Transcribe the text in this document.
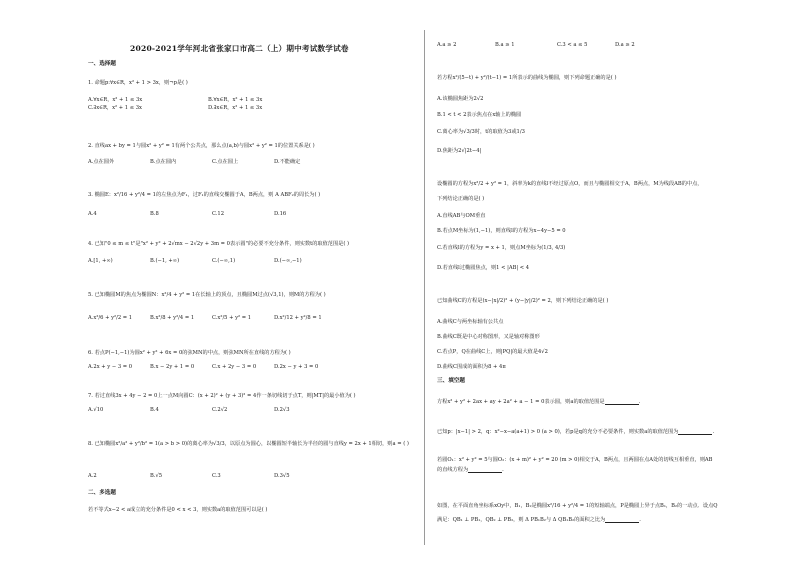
2020-2021学年河北省张家口市高二（上）期中考试数学试卷
一、选择题
1. 命题p:∀x∈R，x² + 1 > 3x，则¬p是( )
A.∀x∈R，x² + 1 ≤ 3x	B.∀x∈R，x² + 1 ≤ 3x
C.∃x∈R，x² + 1 ≤ 3x	D.∃x∈R，x² + 1 ≤ 3x
2. 直线ax + by = 1与圆x² + y² = 1有两个公共点，那么点(a,b)与圆x² + y² = 1的位置关系是( )
A.点在圆外	B.点在圆内	C.点在圆上	D.不能确定
3. 椭圆E：x²/16 + y²/4 = 1的左焦点为F₁，过F₁的直线交椭圆于A，B两点，则 A ABF₂的周长为( )
A.4	B.8	C.12	D.16
4. 已知"0 ≤ m ≤ t"是"x² + y² + 2√mx − 2√2y + 3m = 0表示圆"的必要不充分条件，则实数t的取值范围是( )
A.[1, +∞)	B.(−1, +∞)	C.(−∞,1)	D.(−∞,−1)
5. 已知椭圆M的焦点为椭圆N：x²/4 + y² = 1在长轴上的顶点，且椭圆M过点(√3,1)，则M的方程为( )
A.x²/6 + y²/2 = 1	B.x²/8 + y²/4 = 1	C.x²/5 + y² = 1	D.x²/12 + y²/8 = 1
6. 若点P(−1,−1)为圆x² + y² + 6x = 0的弦MN的中点，则弦MN所在直线的方程为( )
A.2x + y − 3 = 0	B.x − 2y + 1 = 0	C.x + 2y − 3 = 0	D.2x − y + 3 = 0
7. 若过直线3x + 4y − 2 = 0上一点M向圆C：(x + 2)² + (y + 3)² = 4作一条切线切于点T，则|MT|的最小值为( )
A.√10	B.4	C.2√2	D.2√3
8. 已知椭圆x²/a² + y²/b² = 1(a > b > 0)的离心率为√3/3，以原点为圆心，以椭圆短半轴长为半径的圆与直线y = 2x + 1相切，则a = ( )
A.2	B.√5	C.3	D.3√5
二、多选题
若不等式x−2 < a成立的充分条件是0 < x < 3，则实数a的取值范围可以是( )
A.a ≥ 2	B.a ≥ 1	C.3 < a ≤ 5	D.a ≥ 2
若方程x²/(5−t) + y²/(t−1) = 1所表示的曲线为椭圆，则下列命题正确的是( )
A.该椭圆焦距为2√2
B.1 < t < 2表示焦点在x轴上的椭圆
C.离心率为√3/3时，t的取值为3或1/3
D.焦距为2√|2t−4|
设椭圆的方程为x²/2 + y² = 1，斜率为k的直线l不经过原点O，而且与椭圆相交于A，B两点，M为线段AB的中点，
下列结论正确的是( )
A.直线AB与OM垂直
B.若点M坐标为(1,−1)，则直线l的方程为x−4y−5 = 0
C.若直线l的方程为y = x + 1，则点M坐标为(1/3, 4/3)
D.若直线l过椭圆焦点，则1 < |AB| < 4
已知曲线C的方程是(x−|x|/2)² + (y−|y|/2)² = 2，则下列结论正确的是( )
A.曲线C与两坐标轴有公共点
B.曲线C既是中心对称图形，又是轴对称图形
C.若点P，Q在曲线C上，则|PQ|的最大值是4√2
D.曲线C围成的面积为8 + 4π
三、填空题
方程x² + y² + 2ax + ay + 2a² + a − 1 = 0表示圆，则a的取值范围是	.
已知p：|x−1| > 2，q：x²−x−a(a+1) > 0 (a > 0)，若p是q的充分不必要条件，则实数a的取值范围为	.
若圆O₁：x² + y² = 5与圆O₂：(x + m)² + y² = 20 (m > 0)相交于A，B两点，且两圆在点A处的切线互相垂直，则AB
的直线方程为	.
如图，在平面直角坐标系xOy中，B₁，B₂是椭圆x²/16 + y²/4 = 1的短轴端点，P是椭圆上异于点B₁，B₂的一动点．设点Q
满足：QB₁ ⊥ PB₁，QB₂ ⊥ PB₂，则 Δ PB₁B₂与 Δ QB₁B₂的面积之比为	.
